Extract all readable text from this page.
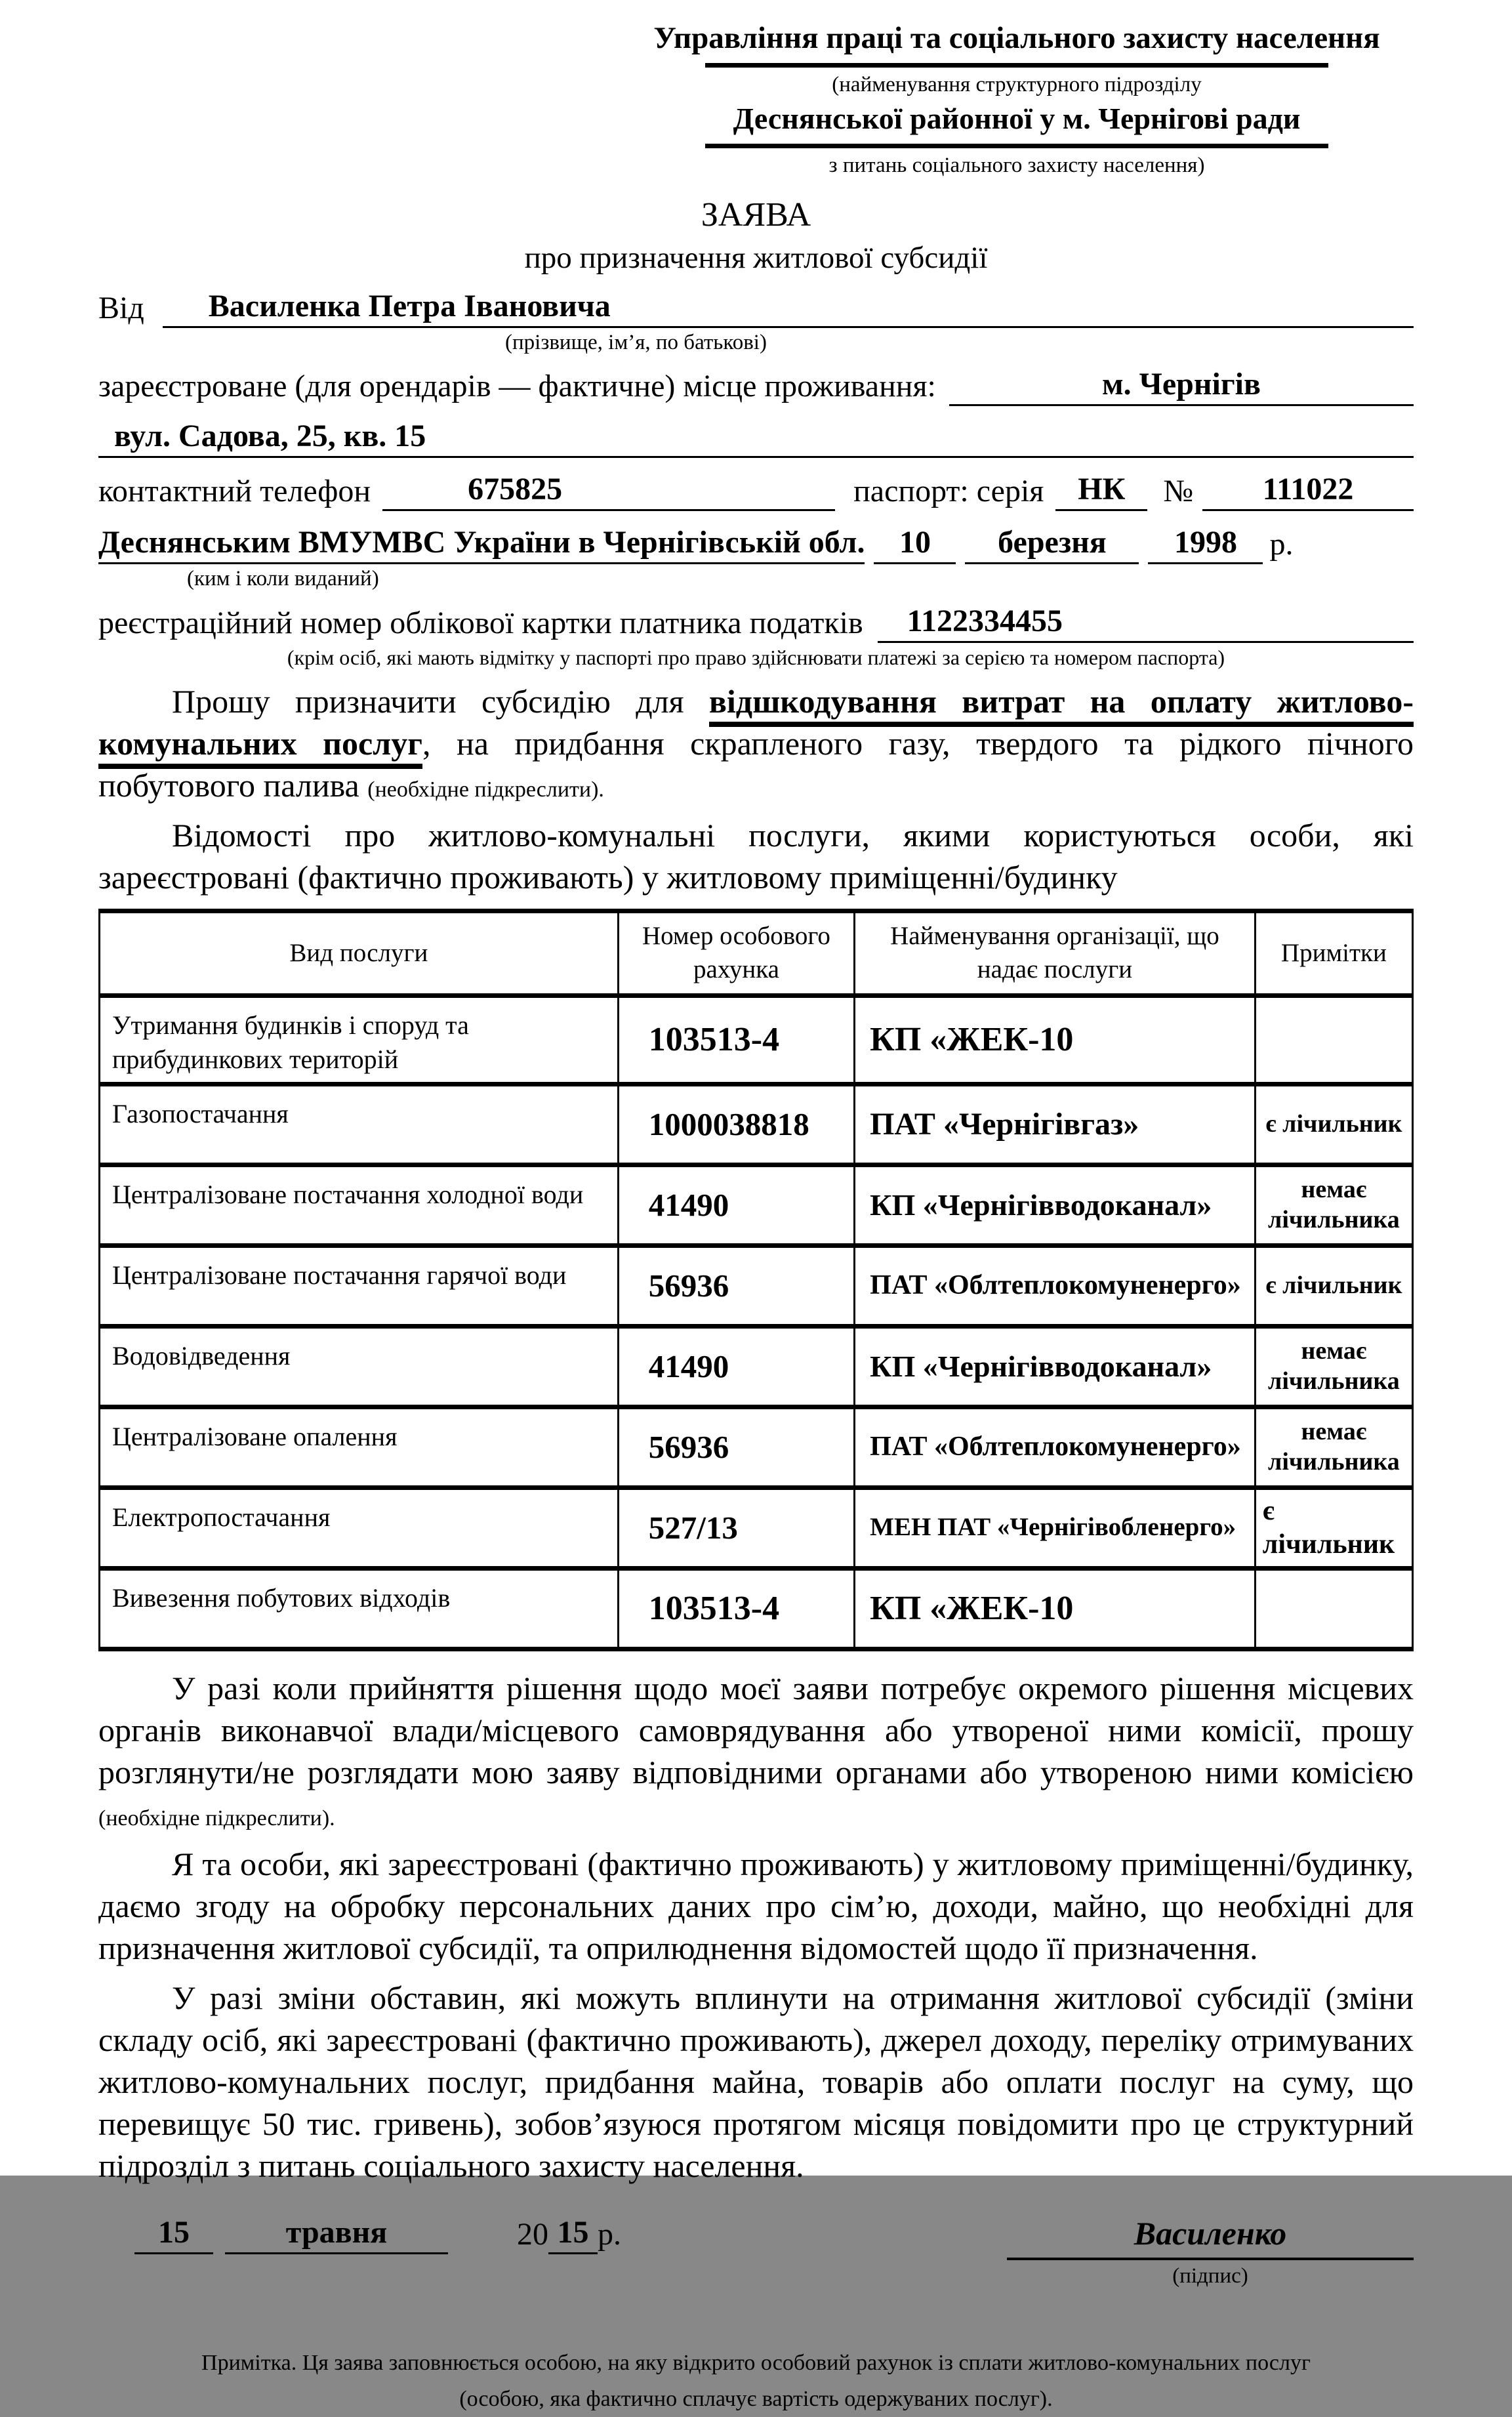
Управління праці та соціального захисту населення
(найменування структурного підрозділу
Деснянської районної у м. Чернігові ради
з питань соціального захисту населення)
ЗАЯВА
про призначення житлової субсидії
Від	Василенка Петра Івановича
(прізвище, ім’я, по батькові)
зареєстроване (для орендарів — фактичне) місце проживання:	м. Чернігів
вул. Садова, 25, кв. 15
контактний телефон	675825	паспорт: серія	НК	№	111022
Деснянським ВМУМВС України в Чернігівській обл.	10	березня	1998	р.
(ким і коли виданий)
реєстраційний номер облікової картки платника податків	1122334455
(крім осіб, які мають відмітку у паспорті про право здійснювати платежі за серією та номером паспорта)
Прошу призначити субсидію для відшкодування витрат на оплату житлово-комунальних послуг, на придбання скрапленого газу, твердого та рідкого пічного побутового палива (необхідне підкреслити).
Відомості про житлово-комунальні послуги, якими користуються особи, які зареєстровані (фактично проживають) у житловому приміщенні/будинку
Вид послуги	Номер особового рахунка	Найменування організації, що надає послуги	Примітки
Утримання будинків і споруд та прибудинкових територій	103513-4	КП «ЖЕК-10	
Газопостачання	1000038818	ПАТ «Чернігівгаз»	є лічильник
Централізоване постачання холодної води	41490	КП «Чернігівводоканал»	немає лічильника
Централізоване постачання гарячої води	56936	ПАТ «Облтеплокомуненерго»	є лічильник
Водовідведення	41490	КП «Чернігівводоканал»	немає лічильника
Централізоване опалення	56936	ПАТ «Облтеплокомуненерго»	немає лічильника
Електропостачання	527/13	МЕН ПАТ «Чернігівобленерго»	є лічильник
Вивезення побутових відходів	103513-4	КП «ЖЕК-10	
У разі коли прийняття рішення щодо моєї заяви потребує окремого рішення місцевих органів виконавчої влади/місцевого самоврядування або утвореної ними комісії, прошу розглянути/не розглядати мою заяву відповідними органами або утвореною ними комісією (необхідне підкреслити).
Я та особи, які зареєстровані (фактично проживають) у житловому приміщенні/будинку, даємо згоду на обробку персональних даних про сім’ю, доходи, майно, що необхідні для призначення житлової субсидії, та оприлюднення відомостей щодо її призначення.
У разі зміни обставин, які можуть вплинути на отримання житлової субсидії (зміни складу осіб, які зареєстровані (фактично проживають), джерел доходу, переліку отримуваних житлово-комунальних послуг, придбання майна, товарів або оплати послуг на суму, що перевищує 50 тис. гривень), зобов’язуюся протягом місяця повідомити про це структурний підрозділ з питань соціального захисту населення.
15	травня	20 15 р.	Василенко
(підпис)
Примітка. Ця заява заповнюється особою, на яку відкрито особовий рахунок із сплати житлово-комунальних послуг
(особою, яка фактично сплачує вартість одержуваних послуг).
